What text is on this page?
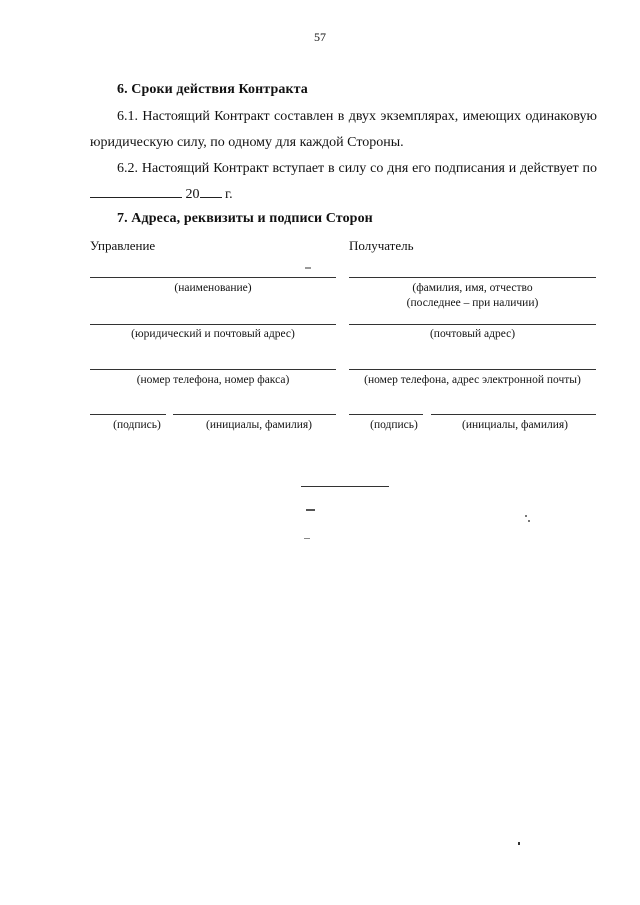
57
6. Сроки действия Контракта
6.1. Настоящий Контракт составлен в двух экземплярах, имеющих одинаковую юридическую силу, по одному для каждой Стороны.
6.2. Настоящий Контракт вступает в силу со дня его подписания и действует по  20 г.
7. Адреса, реквизиты и подписи Сторон
Управление
(наименование)
(юридический и почтовый адрес)
(номер телефона, номер факса)
(подпись)	(инициалы, фамилия)
Получатель
(фамилия, имя, отчество
(последнее – при наличии)
(почтовый адрес)
(номер телефона, адрес электронной почты)
(подпись)	(инициалы, фамилия)
